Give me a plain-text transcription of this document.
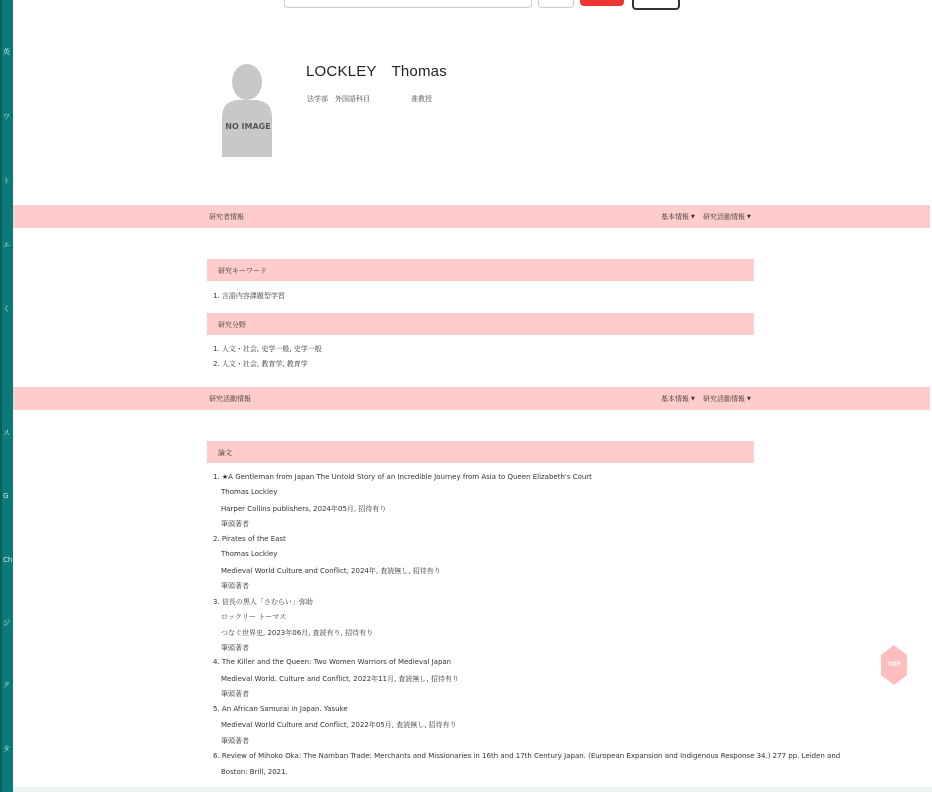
英
ワ
ト
エ
く
ス
G
Ch
ジ
ク
タ
NO IMAGE
LOCKLEY　Thomas
法学部　外国語科目	准教授
研究者情報	基本情報 ▼ 研究活動情報 ▼
研究キーワード
1. 言語内容課題型学習
研究分野
1. 人文・社会, 史学一般, 史学一般
2. 人文・社会, 教育学, 教育学
研究活動情報	基本情報 ▼ 研究活動情報 ▼
論文
1. ★A Gentleman from Japan The Untold Story of an Incredible Journey from Asia to Queen Elizabeth's Court
Thomas Lockley
Harper Collins publishers, 2024年05月, 招待有り
筆頭著者
2. Pirates of the East
Thomas Lockley
Medieval World Culture and Conflict, 2024年, 査読無し, 招待有り
筆頭著者
3. 信長の黒人「さむらい」弥助
ロックリー トーマス
つなぐ世界史, 2023年06月, 査読有り, 招待有り
筆頭著者
4. The Killer and the Queen: Two Women Warriors of Medieval Japan
Medieval World. Culture and Conflict, 2022年11月, 査読無し, 招待有り
筆頭著者
5. An African Samurai in Japan. Yasuke
Medieval World Culture and Conflict, 2022年05月, 査読無し, 招待有り
筆頭著者
6. Review of Mihoko Oka: The Namban Trade: Merchants and Missionaries in 16th and 17th Century Japan. (European Expansion and Indigenous Response 34.) 277 pp. Leiden and
Boston: Brill, 2021.
TOP
